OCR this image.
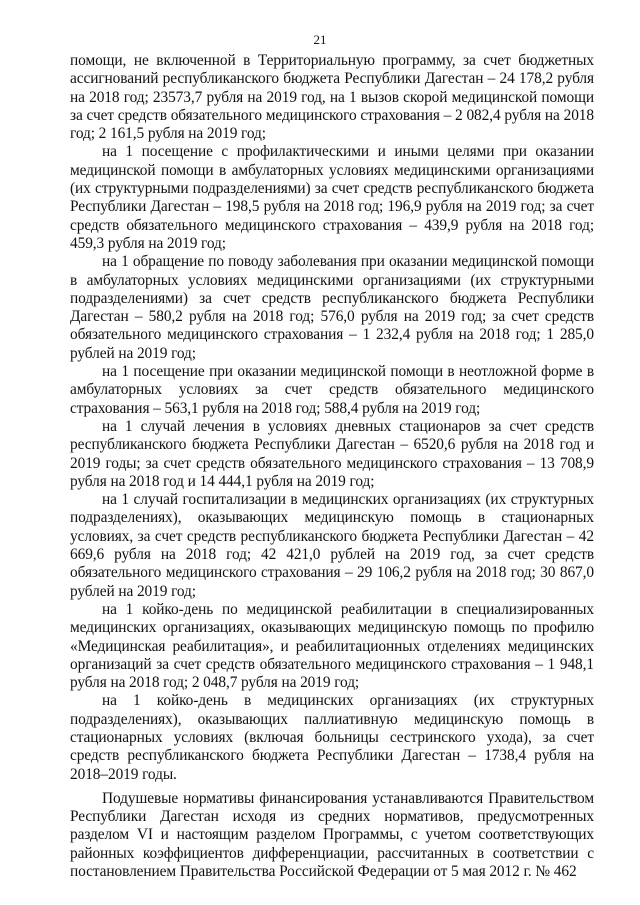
21

помощи, не включенной в Территориальную программу, за счет бюджетных ассигнований республиканского бюджета Республики Дагестан – 24 178,2 рубля на 2018 год; 23573,7 рубля на 2019 год, на 1 вызов скорой медицинской помощи за счет средств обязательного медицинского страхования – 2 082,4 рубля на 2018 год; 2 161,5 рубля на 2019 год;

на 1 посещение с профилактическими и иными целями при оказании медицинской помощи в амбулаторных условиях медицинскими организациями (их структурными подразделениями) за счет средств республиканского бюджета Республики Дагестан – 198,5 рубля на 2018 год; 196,9 рубля на 2019 год; за счет средств обязательного медицинского страхования – 439,9 рубля на 2018 год; 459,3 рубля на 2019 год;

на 1 обращение по поводу заболевания при оказании медицинской помощи в амбулаторных условиях медицинскими организациями (их структурными подразделениями) за счет средств республиканского бюджета Республики Дагестан – 580,2 рубля на 2018 год; 576,0 рубля на 2019 год; за счет средств обязательного медицинского страхования – 1 232,4 рубля на 2018 год; 1 285,0 рублей на 2019 год;

на 1 посещение при оказании медицинской помощи в неотложной форме в амбулаторных условиях за счет средств обязательного медицинского страхования – 563,1 рубля на 2018 год; 588,4 рубля на 2019 год;

на 1 случай лечения в условиях дневных стационаров за счет средств республиканского бюджета Республики Дагестан – 6520,6 рубля на 2018 год и 2019 годы; за счет средств обязательного медицинского страхования – 13 708,9 рубля на 2018 год и 14 444,1 рубля на 2019 год;

на 1 случай госпитализации в медицинских организациях (их структурных подразделениях), оказывающих медицинскую помощь в стационарных условиях, за счет средств республиканского бюджета Республики Дагестан – 42 669,6 рубля на 2018 год; 42 421,0 рублей на 2019 год, за счет средств обязательного медицинского страхования – 29 106,2 рубля на 2018 год; 30 867,0 рублей на 2019 год;

на 1 койко-день по медицинской реабилитации в специализированных медицинских организациях, оказывающих медицинскую помощь по профилю «Медицинская реабилитация», и реабилитационных отделениях медицинских организаций за счет средств обязательного медицинского страхования – 1 948,1 рубля на 2018 год; 2 048,7 рубля на 2019 год;

на 1 койко-день в медицинских организациях (их структурных подразделениях), оказывающих паллиативную медицинскую помощь в стационарных условиях (включая больницы сестринского ухода), за счет средств республиканского бюджета Республики Дагестан – 1738,4 рубля на 2018–2019 годы.

Подушевые нормативы финансирования устанавливаются Правительством Республики Дагестан исходя из средних нормативов, предусмотренных разделом VI и настоящим разделом Программы, с учетом соответствующих районных коэффициентов дифференциации, рассчитанных в соответствии с постановлением Правительства Российской Федерации от 5 мая 2012 г. № 462
